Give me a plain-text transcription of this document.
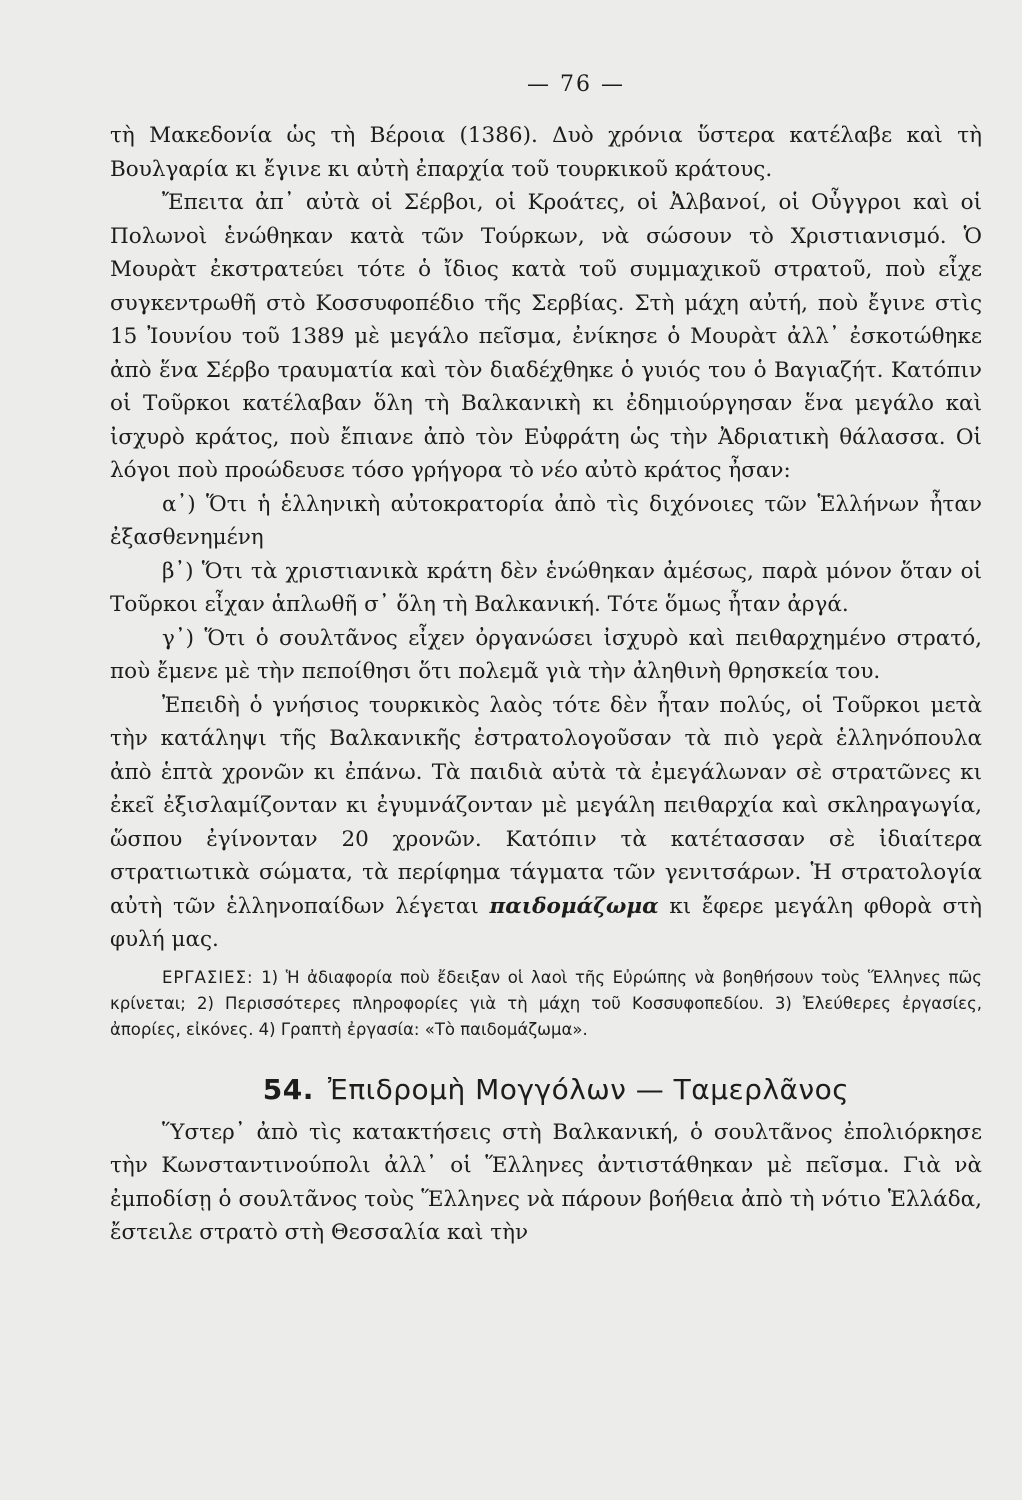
— 76 —

τὴ Μακεδονία ὡς τὴ Βέροια (1386). Δυὸ χρόνια ὕστερα κατέλαβε καὶ τὴ Βουλγαρία κι ἔγινε κι αὐτὴ ἐπαρχία τοῦ τουρκικοῦ κράτους.

Ἔπειτα ἀπ᾽ αὐτὰ οἱ Σέρβοι, οἱ Κροάτες, οἱ Ἀλβανοί, οἱ Οὖγγροι καὶ οἱ Πολωνοὶ ἑνώθηκαν κατὰ τῶν Τούρκων, νὰ σώσουν τὸ Χριστιανισμό. Ὁ Μουρὰτ ἐκστρατεύει τότε ὁ ἴδιος κατὰ τοῦ συμμαχικοῦ στρατοῦ, ποὺ εἶχε συγκεντρωθῆ στὸ Κοσσυφοπέδιο τῆς Σερβίας. Στὴ μάχη αὐτή, ποὺ ἔγινε στὶς 15 Ἰουνίου τοῦ 1389 μὲ μεγάλο πεῖσμα, ἐνίκησε ὁ Μουρὰτ ἀλλ᾽ ἐσκοτώθηκε ἀπὸ ἕνα Σέρβο τραυματία καὶ τὸν διαδέχθηκε ὁ γυιός του ὁ Βαγιαζήτ. Κατόπιν οἱ Τοῦρκοι κατέλαβαν ὅλη τὴ Βαλκανικὴ κι ἐδημιούργησαν ἕνα μεγάλο καὶ ἰσχυρὸ κράτος, ποὺ ἔπιανε ἀπὸ τὸν Εὐφράτη ὡς τὴν Ἀδριατικὴ θάλασσα. Οἱ λόγοι ποὺ προώδευσε τόσο γρήγορα τὸ νέο αὐτὸ κράτος ἦσαν:

α᾽) Ὅτι ἡ ἑλληνικὴ αὐτοκρατορία ἀπὸ τὶς διχόνοιες τῶν Ἑλλήνων ἦταν ἐξασθενημένη

β᾽) Ὅτι τὰ χριστιανικὰ κράτη δὲν ἑνώθηκαν ἀμέσως, παρὰ μόνον ὅταν οἱ Τοῦρκοι εἶχαν ἁπλωθῆ σ᾽ ὅλη τὴ Βαλκανική. Τότε ὅμως ἦταν ἀργά.

γ᾽) Ὅτι ὁ σουλτᾶνος εἶχεν ὀργανώσει ἰσχυρὸ καὶ πειθαρχημένο στρατό, ποὺ ἔμενε μὲ τὴν πεποίθησι ὅτι πολεμᾶ γιὰ τὴν ἀληθινὴ θρησκεία του.

Ἐπειδὴ ὁ γνήσιος τουρκικὸς λαὸς τότε δὲν ἦταν πολύς, οἱ Τοῦρκοι μετὰ τὴν κατάληψι τῆς Βαλκανικῆς ἐστρατολογοῦσαν τὰ πιὸ γερὰ ἑλληνόπουλα ἀπὸ ἑπτὰ χρονῶν κι ἐπάνω. Τὰ παιδιὰ αὐτὰ τὰ ἐμεγάλωναν σὲ στρατῶνες κι ἐκεῖ ἐξισλαμίζονταν κι ἐγυμνάζονταν μὲ μεγάλη πειθαρχία καὶ σκληραγωγία, ὥσπου ἐγίνονταν 20 χρονῶν. Κατόπιν τὰ κατέτασσαν σὲ ἰδιαίτερα στρατιωτικὰ σώματα, τὰ περίφημα τάγματα τῶν γενιτσάρων. Ἡ στρατολογία αὐτὴ τῶν ἑλληνοπαίδων λέγεται παιδομάζωμα κι ἔφερε μεγάλη φθορὰ στὴ φυλή μας.

ΕΡΓΑΣΙΕΣ: 1) Ἡ ἀδιαφορία ποὺ ἔδειξαν οἱ λαοὶ τῆς Εὐρώπης νὰ βοηθήσουν τοὺς Ἕλληνες πῶς κρίνεται; 2) Περισσότερες πληροφορίες γιὰ τὴ μάχη τοῦ Κοσσυφοπεδίου. 3) Ἐλεύθερες ἐργασίες, ἀπορίες, εἰκόνες. 4) Γραπτὴ ἐργασία: «Τὸ παιδομάζωμα».
54. Ἐπιδρομὴ Μογγόλων — Ταμερλᾶνος

Ὕστερ᾽ ἀπὸ τὶς κατακτήσεις στὴ Βαλκανική, ὁ σουλτᾶνος ἐπολιόρκησε τὴν Κωνσταντινούπολι ἀλλ᾽ οἱ Ἕλληνες ἀντιστάθηκαν μὲ πεῖσμα. Γιὰ νὰ ἐμποδίσῃ ὁ σουλτᾶνος τοὺς Ἕλληνες νὰ πάρουν βοήθεια ἀπὸ τὴ νότιο Ἑλλάδα, ἔστειλε στρατὸ στὴ Θεσσαλία καὶ τὴν
